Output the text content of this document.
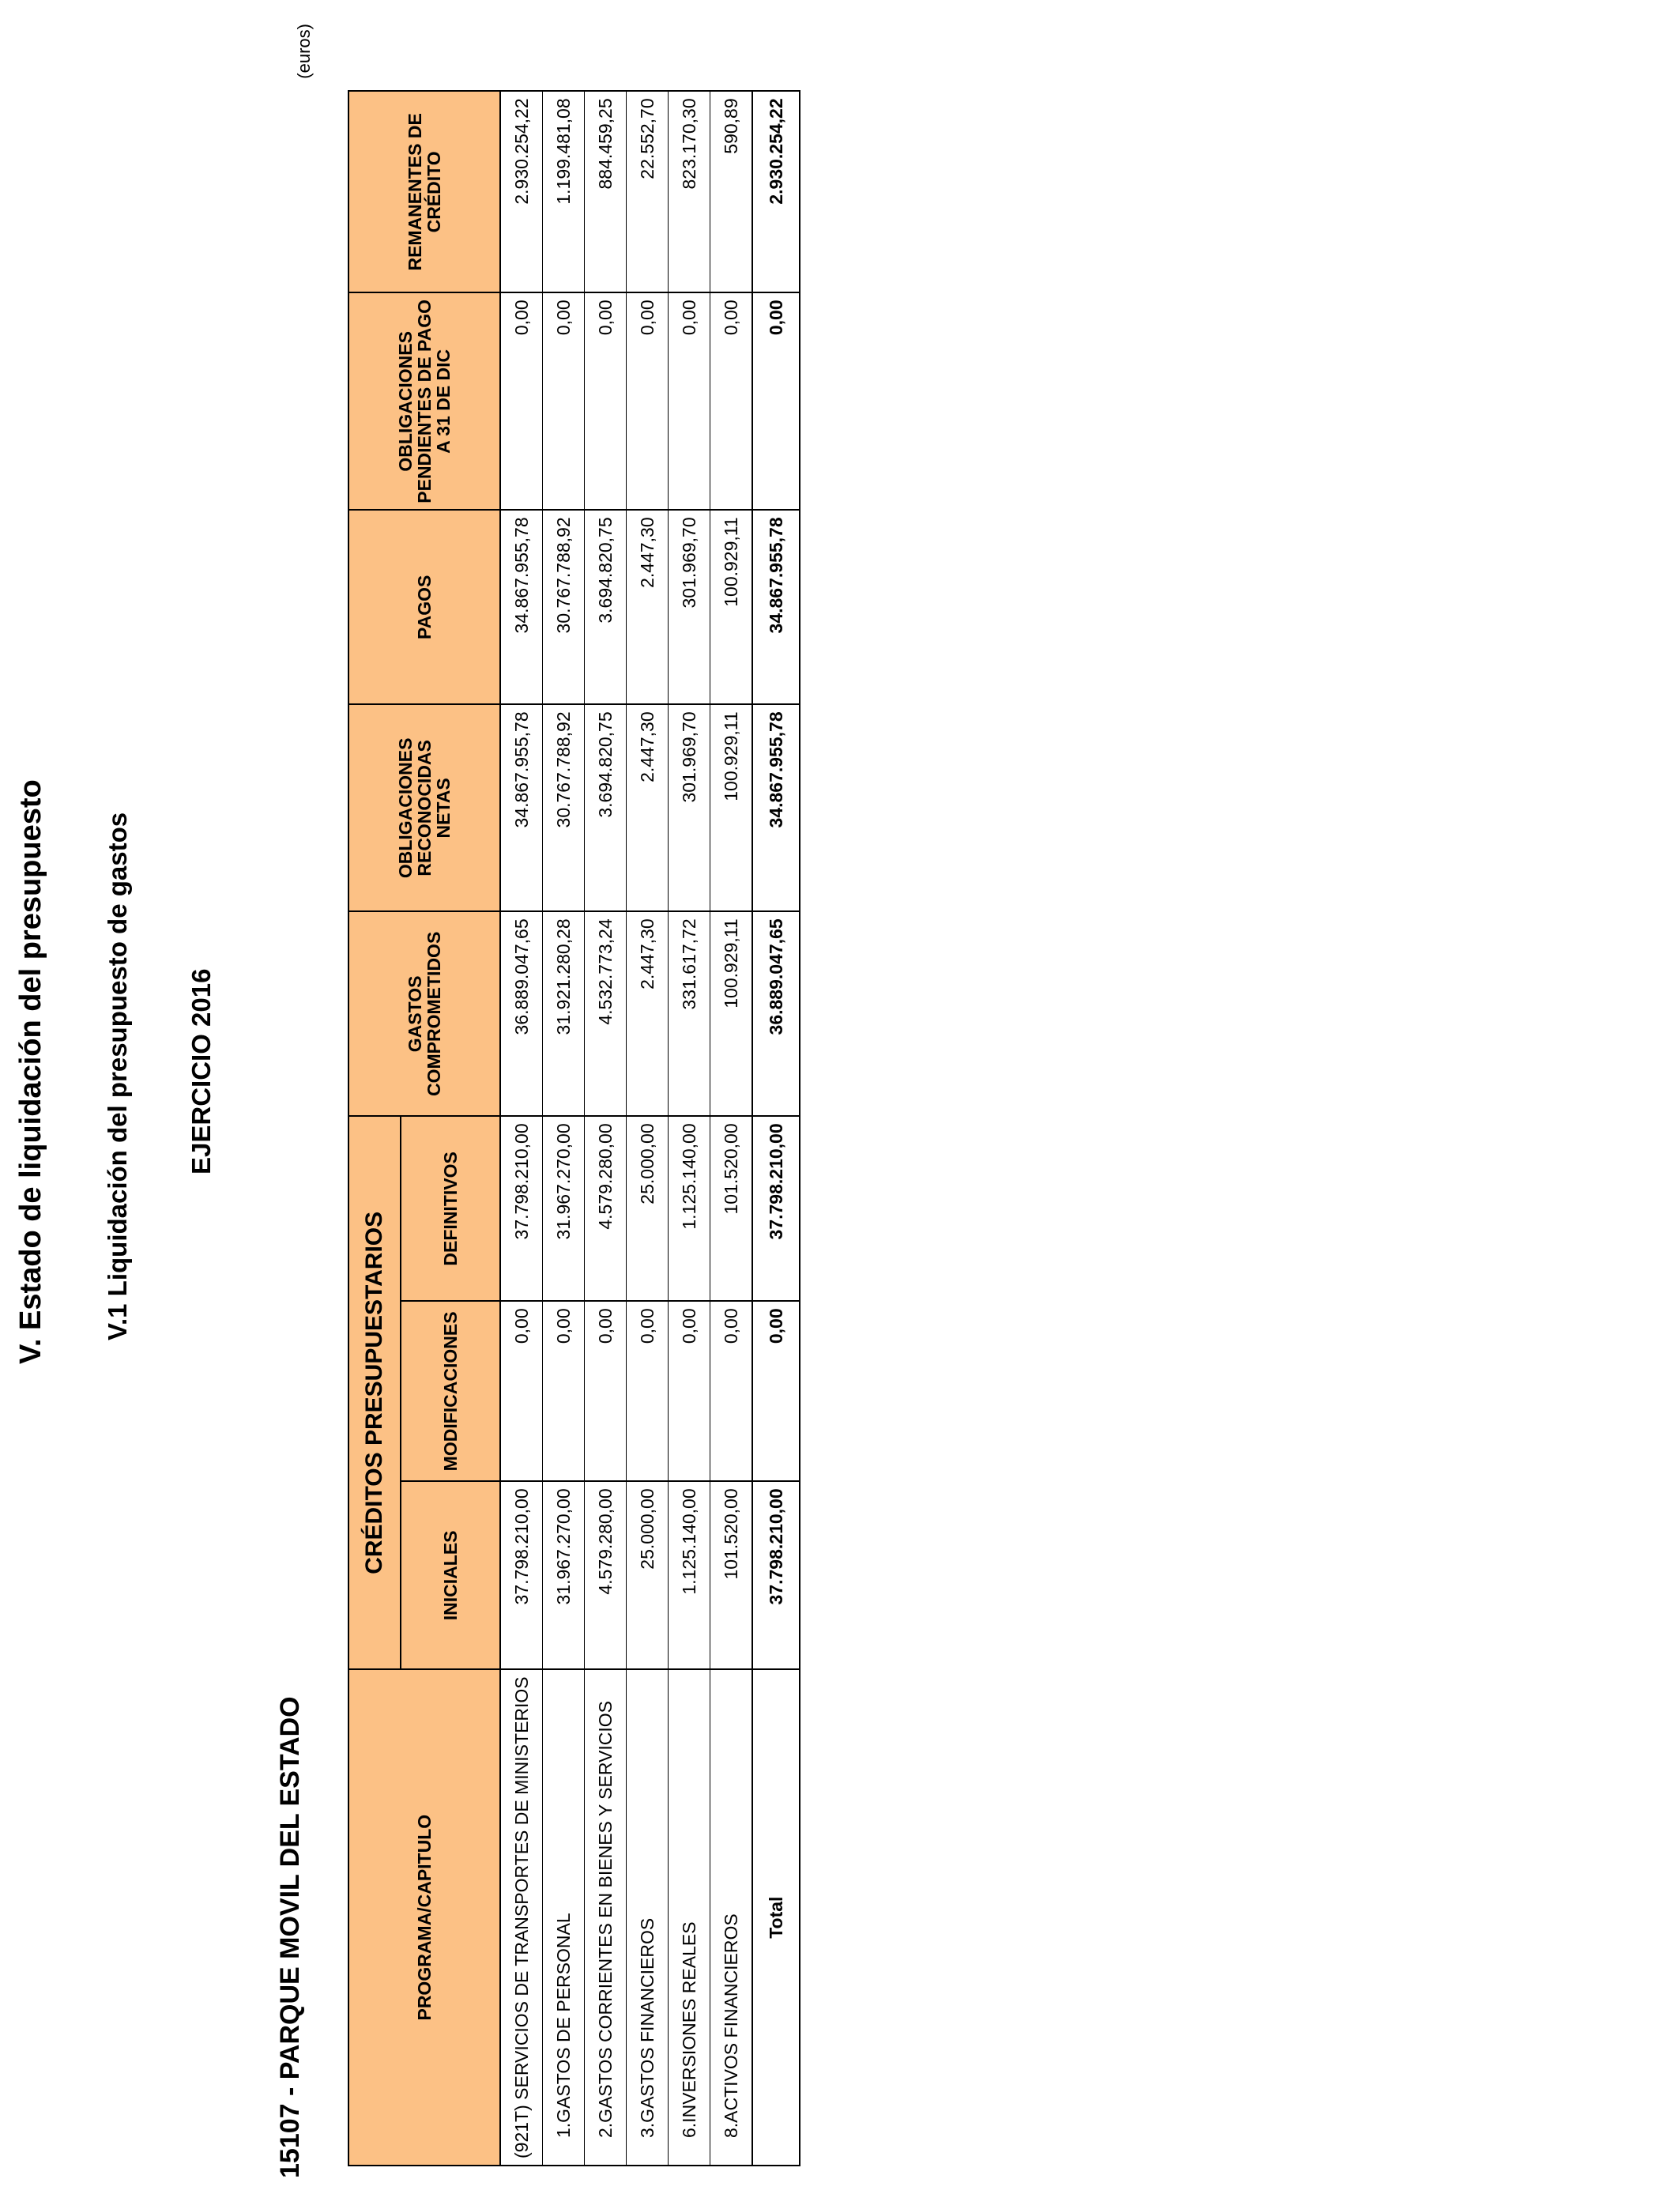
V. Estado de liquidación del presupuesto V.1 Liquidación del presupuesto de gastos EJERCICIO 2016
15107 - PARQUE MOVIL DEL ESTADO
(euros)
PROGRAMA/CAPITULO	CRÉDITOS PRESUPUESTARIOS			GASTOS COMPROMETIDOS	OBLIGACIONES RECONOCIDAS NETAS	PAGOS	OBLIGACIONES PENDIENTES DE PAGO A 31 DE DIC	REMANENTES DE CRÉDITO
	INICIALES	MODIFICACIONES	DEFINITIVOS					
(921T) SERVICIOS DE TRANSPORTES DE MINISTERIOS	37.798.210,00	0,00	37.798.210,00	36.889.047,65	34.867.955,78	34.867.955,78	0,00	2.930.254,22
1.GASTOS DE PERSONAL	31.967.270,00	0,00	31.967.270,00	31.921.280,28	30.767.788,92	30.767.788,92	0,00	1.199.481,08
2.GASTOS CORRIENTES EN BIENES Y SERVICIOS	4.579.280,00	0,00	4.579.280,00	4.532.773,24	3.694.820,75	3.694.820,75	0,00	884.459,25
3.GASTOS FINANCIEROS	25.000,00	0,00	25.000,00	2.447,30	2.447,30	2.447,30	0,00	22.552,70
6.INVERSIONES REALES	1.125.140,00	0,00	1.125.140,00	331.617,72	301.969,70	301.969,70	0,00	823.170,30
8.ACTIVOS FINANCIEROS	101.520,00	0,00	101.520,00	100.929,11	100.929,11	100.929,11	0,00	590,89
Total	37.798.210,00	0,00	37.798.210,00	36.889.047,65	34.867.955,78	34.867.955,78	0,00	2.930.254,22
